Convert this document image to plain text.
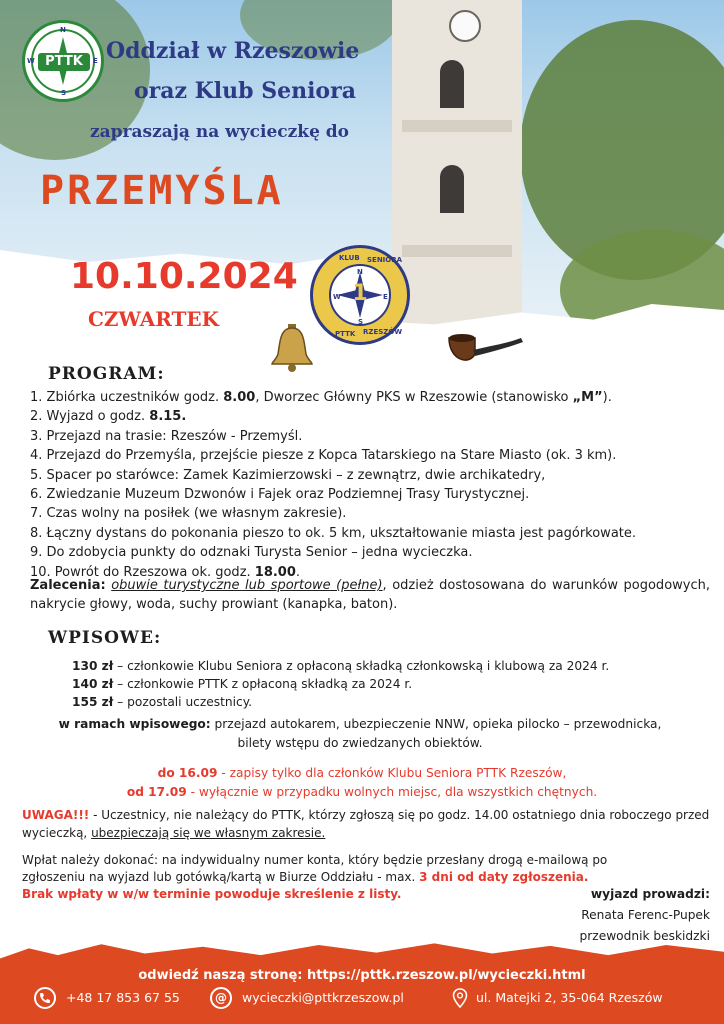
PTTK
N
S
E
W	Oddział w Rzeszowie
oraz Klub Seniora
zapraszają na wycieczkę do
PRZEMYŚLA
10.10.2024
CZWARTEK
KLUB SENIORA
1
PTTK RZESZÓW
N
S
E
W
PROGRAM:
1. Zbiórka uczestników godz. 8.00, Dworzec Główny PKS w Rzeszowie (stanowisko „M”).
2. Wyjazd o godz. 8.15.
3. Przejazd na trasie: Rzeszów - Przemyśl.
4. Przejazd do Przemyśla, przejście piesze z Kopca Tatarskiego na Stare Miasto (ok. 3 km).
5. Spacer po starówce: Zamek Kazimierzowski – z zewnątrz, dwie archikatedry,
6. Zwiedzanie Muzeum Dzwonów i Fajek oraz Podziemnej Trasy Turystycznej.
7. Czas wolny na posiłek (we własnym zakresie).
8. Łączny dystans do pokonania pieszo to ok. 5 km, ukształtowanie miasta jest pagórkowate.
9. Do zdobycia punkty do odznaki Turysta Senior – jedna wycieczka.
10. Powrót do Rzeszowa ok. godz. 18.00.
Zalecenia: obuwie turystyczne lub sportowe (pełne), odzież dostosowana do warunków pogodowych, nakrycie głowy, woda, suchy prowiant (kanapka, baton).
WPISOWE:
130 zł – członkowie Klubu Seniora z opłaconą składką członkowską i klubową za 2024 r.
140 zł – członkowie PTTK z opłaconą składką za 2024 r.
155 zł – pozostali uczestnicy.
w ramach wpisowego: przejazd autokarem, ubezpieczenie NNW, opieka pilocko – przewodnicka,
bilety wstępu do zwiedzanych obiektów.
do 16.09 - zapisy tylko dla członków Klubu Seniora PTTK Rzeszów,
od 17.09 - wyłącznie w przypadku wolnych miejsc, dla wszystkich chętnych.
UWAGA!!! - Uczestnicy, nie należący do PTTK, którzy zgłoszą się po godz. 14.00 ostatniego dnia roboczego przed wycieczką, ubezpieczają się we własnym zakresie.
Wpłat należy dokonać: na indywidualny numer konta, który będzie przesłany drogą e-mailową po zgłoszeniu na wyjazd lub gotówką/kartą w Biurze Oddziału - max. 3 dni od daty zgłoszenia.
Brak wpłaty w w/w terminie powoduje skreślenie z listy.	wyjazd prowadzi:
Renata Ferenc-Pupek
przewodnik beskidzki
odwiedź naszą stronę: https://pttk.rzeszow.pl/wycieczki.html
+48 17 853 67 55	@	wycieczki@pttkrzeszow.pl	ul. Matejki 2, 35-064 Rzeszów
